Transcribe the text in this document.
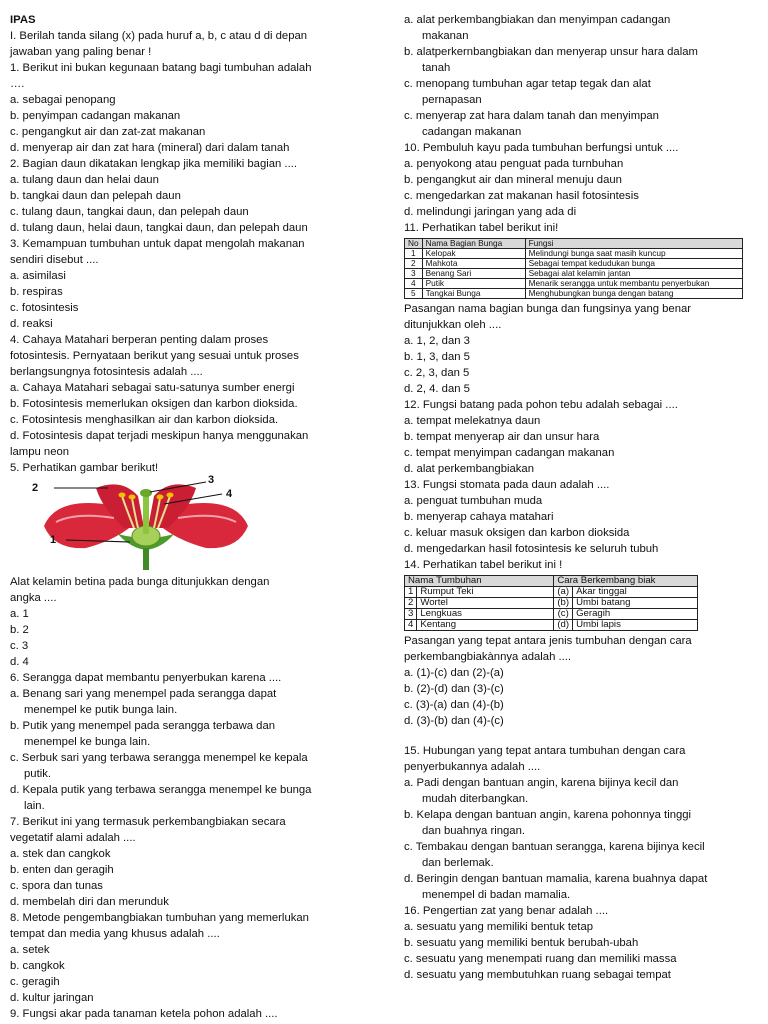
IPAS
I. Berilah tanda silang (x) pada huruf a, b, c atau d di depan
jawaban yang paling benar !
1. Berikut ini bukan kegunaan batang bagi tumbuhan adalah
….
a. sebagai penopang
b. penyimpan cadangan makanan
c. pengangkut air dan zat-zat makanan
d. menyerap air dan zat hara (mineral) dari dalam tanah
2. Bagian daun dikatakan lengkap jika memiliki bagian ....
a. tulang daun dan helai daun
b. tangkai daun dan pelepah daun
c. tulang daun, tangkai daun, dan pelepah daun
d. tulang daun, helai daun, tangkai daun, dan pelepah daun
3. Kemampuan tumbuhan untuk dapat mengolah makanan
sendiri disebut ....
a. asimilasi
b. respiras
c. fotosintesis
d. reaksi
4. Cahaya Matahari berperan penting dalam proses
fotosintesis. Pernyataan berikut yang sesuai untuk proses
berlangsungnya fotosintesis adalah ....
a. Cahaya Matahari sebagai satu-satunya sumber energi
b. Fotosintesis memerlukan oksigen dan karbon dioksida.
c. Fotosintesis menghasilkan air dan karbon dioksida.
d. Fotosintesis dapat terjadi meskipun hanya menggunakan
lampu neon
5. Perhatikan gambar berikut!
2
3
4
1
Alat kelamin betina pada bunga ditunjukkan dengan
angka ....
a. 1
b. 2
c. 3
d. 4
6. Serangga dapat membantu penyerbukan karena ....
a. Benang sari yang menempel pada serangga dapat
menempel ke putik bunga lain.
b. Putik yang menempel pada serangga terbawa dan
menempel ke bunga lain.
c. Serbuk sari yang terbawa serangga menempel ke kepala
putik.
d. Kepala putik yang terbawa serangga menempel ke bunga
lain.
7. Berikut ini yang termasuk perkembangbiakan secara
vegetatif alami adalah ....
a. stek dan cangkok
b. enten dan geragih
c. spora dan tunas
d. membelah diri dan merunduk
8. Metode pengembangbiakan tumbuhan yang memerlukan
tempat dan media yang khusus adalah ....
a. setek
b. cangkok
c. geragih
d. kultur jaringan
9. Fungsi akar pada tanaman ketela pohon adalah ....
a. alat perkembangbiakan dan menyimpan cadangan
makanan
b. alatperkernbangbiakan dan menyerap unsur hara dalam
tanah
c. menopang tumbuhan agar tetap tegak dan alat
pernapasan
c. menyerap zat hara dalam tanah dan menyimpan
cadangan makanan
10. Pembuluh kayu pada tumbuhan berfungsi untuk ....
a. penyokong atau penguat pada turnbuhan
b. pengangkut air dan mineral menuju daun
c. mengedarkan zat makanan hasil fotosintesis
d. melindungi jaringan yang ada di
11. Perhatikan tabel berikut ini!
No	Nama Bagian Bunga	Fungsi
1	Kelopak	Melindungi bunga saat masih kuncup
2	Mahkota	Sebagai tempat kedudukan bunga
3	Benang Sari	Sebagai alat kelamin jantan
4	Putik	Menarik serangga untuk membantu penyerbukan
5	Tangkai Bunga	Menghubungkan bunga dengan batang
Pasangan nama bagian bunga dan fungsinya yang benar
ditunjukkan oleh ....
a. 1, 2, dan 3
b. 1, 3, dan 5
c. 2, 3, dan 5
d. 2, 4. dan 5
12. Fungsi batang pada pohon tebu adalah sebagai ....
a. tempat melekatnya daun
b. tempat menyerap air dan unsur hara
c. tempat menyimpan cadangan makanan
d. alat perkembangbiakan
13. Fungsi stomata pada daun adalah ....
a. penguat tumbuhan muda
b. menyerap cahaya matahari
c. keluar masuk oksigen dan karbon dioksida
d. mengedarkan hasil fotosintesis ke seluruh tubuh
14. Perhatikan tabel berikut ini !
Nama Tumbuhan		Cara Berkembang biak	
1	Rumput Teki	(a)	Akar tinggal
2	Wortel	(b)	Umbi batang
3	Lengkuas	(c)	Geragih
4	Kentang	(d)	Umbi lapis
Pasangan yang tepat antara jenis tumbuhan dengan cara
perkembangbiakànnya adalah ....
a. (1)-(c) dan (2)-(a)
b. (2)-(d) dan (3)-(c)
c. (3)-(a) dan (4)-(b)
d. (3)-(b) dan (4)-(c)
15. Hubungan yang tepat antara tumbuhan dengan cara
penyerbukannya adalah ....
a. Padi dengan bantuan angin, karena bijinya kecil dan
mudah diterbangkan.
b. Kelapa dengan bantuan angin, karena pohonnya tinggi
dan buahnya ringan.
c. Tembakau dengan bantuan serangga, karena bijinya kecil
dan berlemak.
d. Beringin dengan bantuan mamalia, karena buahnya dapat
menempel di badan mamalia.
16. Pengertian zat yang benar adalah ....
a. sesuatu yang memiliki bentuk tetap
b. sesuatu yang memiliki bentuk berubah-ubah
c. sesuatu yang menempati ruang dan memiliki massa
d. sesuatu yang membutuhkan ruang sebagai tempat
